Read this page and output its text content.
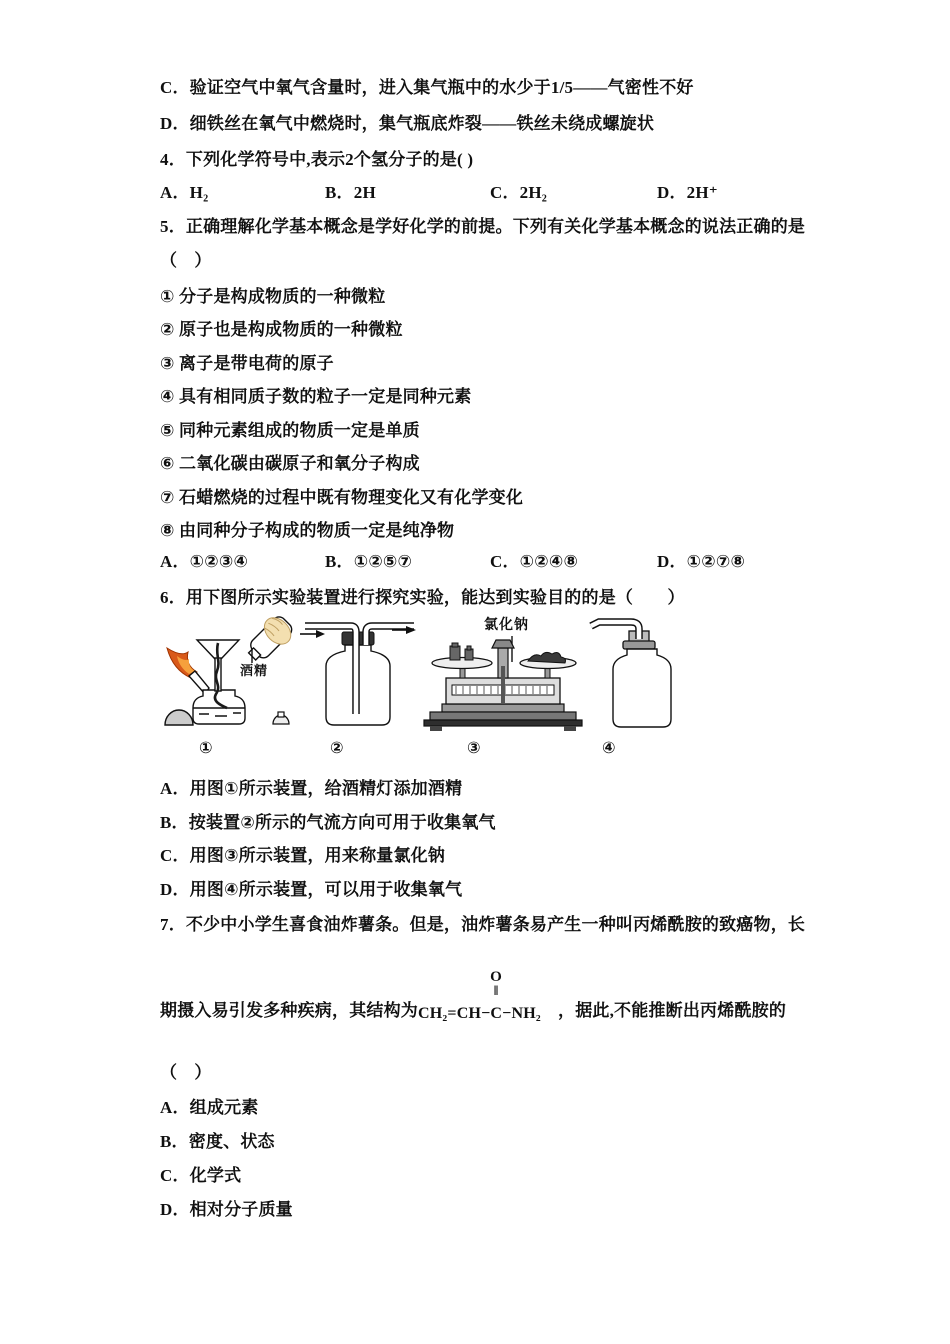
C．验证空气中氧气含量时，进入集气瓶中的水少于1/5——气密性不好
D．细铁丝在氧气中燃烧时，集气瓶底炸裂——铁丝未绕成螺旋状
4．下列化学符号中,表示2个氢分子的是( )
A．H₂	B．2H	C．2H₂	D．2H⁺
5．正确理解化学基本概念是学好化学的前提。下列有关化学基本概念的说法正确的是
（　）
① 分子是构成物质的一种微粒
② 原子也是构成物质的一种微粒
③ 离子是带电荷的原子
④ 具有相同质子数的粒子一定是同种元素
⑤ 同种元素组成的物质一定是单质
⑥ 二氧化碳由碳原子和氧分子构成
⑦ 石蜡燃烧的过程中既有物理变化又有化学变化
⑧ 由同种分子构成的物质一定是纯净物
A．①②③④	B．①②⑤⑦	C．①②④⑧	D．①②⑦⑧
6．用下图所示实验装置进行探究实验，能达到实验目的的是（　　）
酒精
氯化钠
①	②	③	④
A．用图①所示装置，给酒精灯添加酒精
B．按装置②所示的气流方向可用于收集氧气
C．用图③所示装置，用来称量氯化钠
D．用图④所示装置，可以用于收集氧气
7．不少中小学生喜食油炸薯条。但是，油炸薯条易产生一种叫丙烯酰胺的致癌物，长
期摄入易引发多种疾病，其结构为
O
‖
CH₂=CH−C−NH₂ ，据此,不能推断出丙烯酰胺的
（　）
A．组成元素
B．密度、状态
C．化学式
D．相对分子质量
